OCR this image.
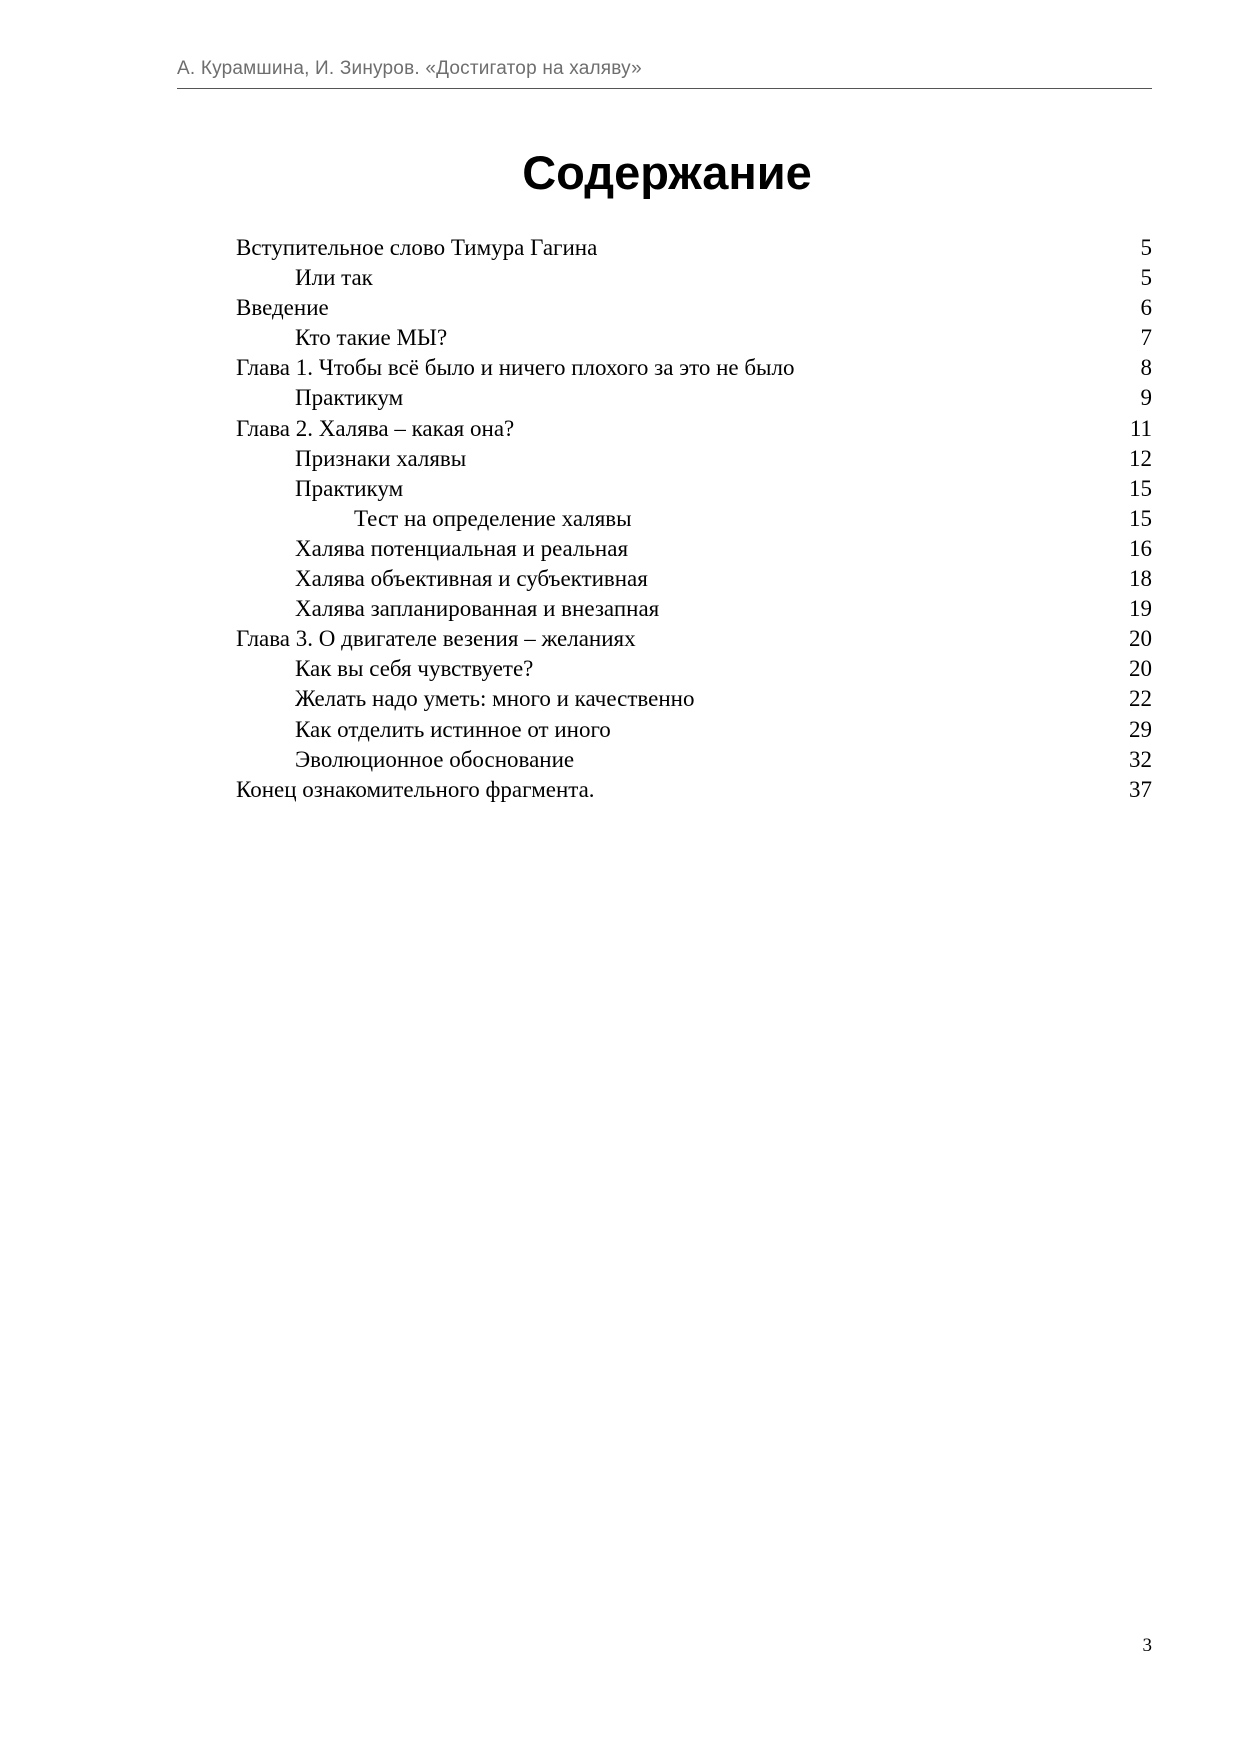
А. Курамшина, И. Зинуров. «Достигатор на халяву»
Содержание
Вступительное слово Тимура Гагина	5
Или так	5
Введение	6
Кто такие МЫ?	7
Глава 1. Чтобы всё было и ничего плохого за это не было	8
Практикум	9
Глава 2. Халява – какая она?	11
Признаки халявы	12
Практикум	15
Тест на определение халявы	15
Халява потенциальная и реальная	16
Халява объективная и субъективная	18
Халява запланированная и внезапная	19
Глава 3. О двигателе везения – желаниях	20
Как вы себя чувствуете?	20
Желать надо уметь: много и качественно	22
Как отделить истинное от иного	29
Эволюционное обоснование	32
Конец ознакомительного фрагмента.	37
3
